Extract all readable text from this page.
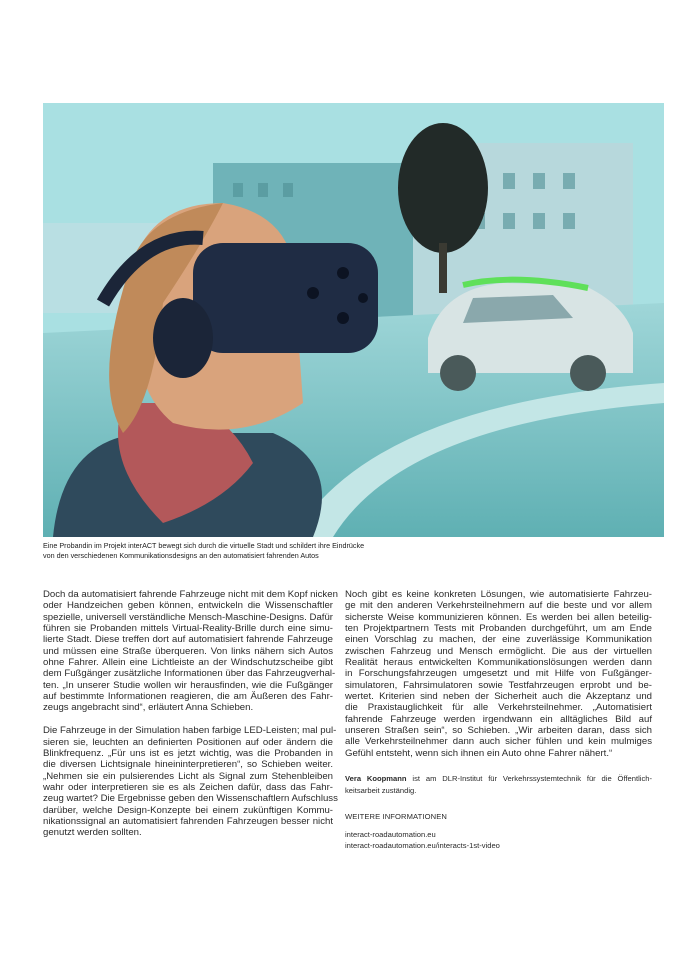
Eine Probandin im Projekt interACT bewegt sich durch die virtuelle Stadt und schildert ihre Eindrücke
von den verschiedenen Kommunikationsdesigns an den automatisiert fahrenden Autos
Doch da automatisiert fahrende Fahrzeuge nicht mit dem Kopf nicken
oder Handzeichen geben können, entwickeln die Wissenschaftler
spezielle, universell verständliche Mensch-Maschine-Designs. Dafür
führen sie Probanden mittels Virtual-Reality-Brille durch eine simu-
lierte Stadt. Diese treffen dort auf automatisiert fahrende Fahrzeuge
und müssen eine Straße überqueren. Von links nähern sich Autos
ohne Fahrer. Allein eine Lichtleiste an der Windschutzscheibe gibt
dem Fußgänger zusätzliche Informationen über das Fahrzeugverhal-
ten. „In unserer Studie wollen wir herausfinden, wie die Fußgänger
auf bestimmte Informationen reagieren, die am Äußeren des Fahr-
zeugs angebracht sind“, erläutert Anna Schieben.
Die Fahrzeuge in der Simulation haben farbige LED-Leisten; mal pul-
sieren sie, leuchten an definierten Positionen auf oder ändern die
Blinkfrequenz. „Für uns ist es jetzt wichtig, was die Probanden in
die diversen Lichtsignale hineininterpretieren“, so Schieben weiter.
„Nehmen sie ein pulsierendes Licht als Signal zum Stehenbleiben
wahr oder interpretieren sie es als Zeichen dafür, dass das Fahr-
zeug wartet? Die Ergebnisse geben den Wissenschaftlern Aufschluss
darüber, welche Design-Konzepte bei einem zukünftigen Kommu-
nikationssignal an automatisiert fahrenden Fahrzeugen besser nicht
genutzt werden sollten.
Noch gibt es keine konkreten Lösungen, wie automatisierte Fahrzeu-
ge mit den anderen Verkehrsteilnehmern auf die beste und vor allem
sicherste Weise kommunizieren können. Es werden bei allen beteilig-
ten Projektpartnern Tests mit Probanden durchgeführt, um am Ende
einen Vorschlag zu machen, der eine zuverlässige Kommunikation
zwischen Fahrzeug und Mensch ermöglicht. Die aus der virtuellen
Realität heraus entwickelten Kommunikationslösungen werden dann
in Forschungsfahrzeugen umgesetzt und mit Hilfe von Fußgänger-
simulatoren, Fahrsimulatoren sowie Testfahrzeugen erprobt und be-
wertet. Kriterien sind neben der Sicherheit auch die Akzeptanz und
die Praxistauglichkeit für alle Verkehrsteilnehmer. „Automatisiert
fahrende Fahrzeuge werden irgendwann ein alltägliches Bild auf
unseren Straßen sein“, so Schieben. „Wir arbeiten daran, dass sich
alle Verkehrsteilnehmer dann auch sicher fühlen und kein mulmiges
Gefühl entsteht, wenn sich ihnen ein Auto ohne Fahrer nähert.“
Vera Koopmann ist am DLR-Institut für Verkehrssystemtechnik für die Öffentlich-
keitsarbeit zuständig.
WEITERE INFORMATIONEN
interact-roadautomation.eu
interact-roadautomation.eu/interacts-1st-video
